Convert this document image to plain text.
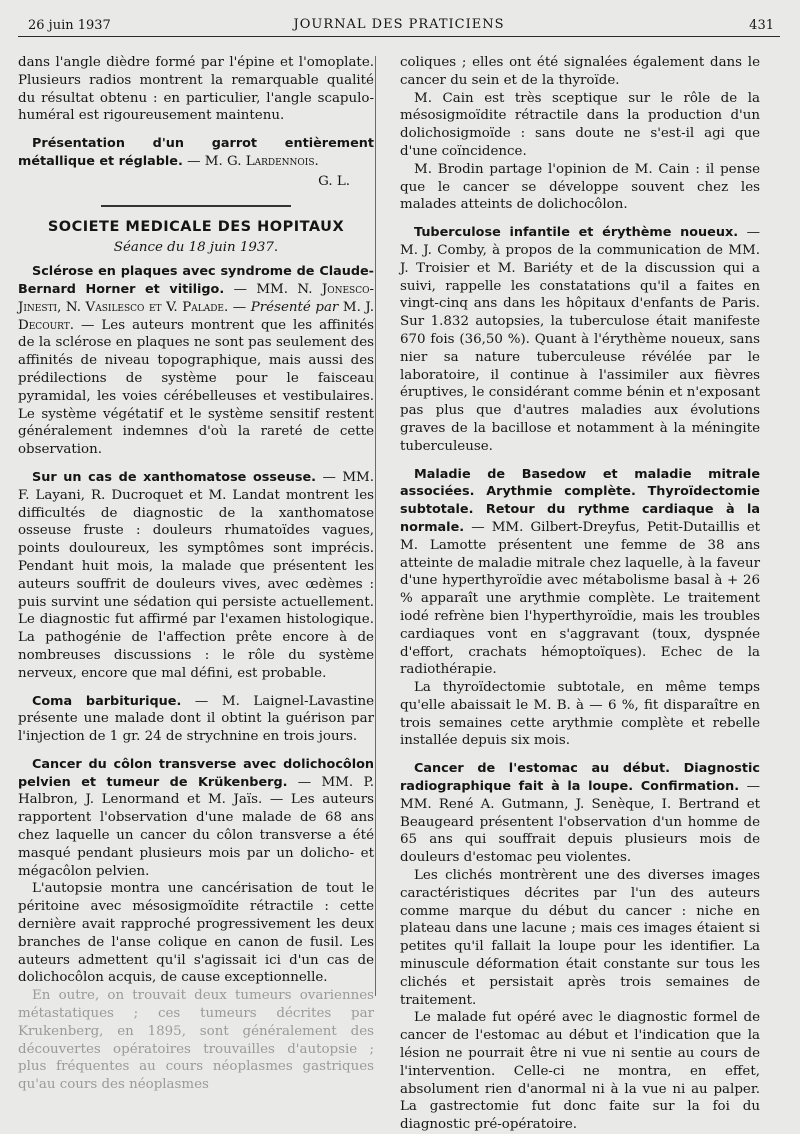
26 juin 1937	JOURNAL DES PRATICIENS	431

dans l'angle dièdre formé par l'épine et l'omoplate. Plusieurs radios montrent la remarquable qualité du résultat obtenu : en particulier, l'angle scapulo-huméral est rigoureusement maintenu.

Présentation d'un garrot entièrement métallique et réglable. — M. G. Lardennois.

G. L.
SOCIETE MEDICALE DES HOPITAUX
Séance du 18 juin 1937.

Sclérose en plaques avec syndrome de Claude-Bernard Horner et vitiligo. — MM. N. Jonesco-Jinesti, N. Vasilesco et V. Palade. — Présenté par M. J. Decourt. — Les auteurs montrent que les affinités de la sclérose en plaques ne sont pas seulement des affinités de niveau topographique, mais aussi des prédilections de système pour le faisceau pyramidal, les voies cérébelleuses et vestibulaires. Le système végétatif et le système sensitif restent généralement indemnes d'où la rareté de cette observation.

Sur un cas de xanthomatose osseuse. — MM. F. Layani, R. Ducroquet et M. Landat montrent les difficultés de diagnostic de la xanthomatose osseuse fruste : douleurs rhumatoïdes vagues, points douloureux, les symptômes sont imprécis. Pendant huit mois, la malade que présentent les auteurs souffrit de douleurs vives, avec œdèmes : puis survint une sédation qui persiste actuellement. Le diagnostic fut affirmé par l'examen histologique. La pathogénie de l'affection prête encore à de nombreuses discussions : le rôle du système nerveux, encore que mal défini, est probable.

Coma barbiturique. — M. Laignel-Lavastine présente une malade dont il obtint la guérison par l'injection de 1 gr. 24 de strychnine en trois jours.

Cancer du côlon transverse avec dolichocôlon pelvien et tumeur de Krükenberg. — MM. P. Halbron, J. Lenormand et M. Jaïs. — Les auteurs rapportent l'observation d'une malade de 68 ans chez laquelle un cancer du côlon transverse a été masqué pendant plusieurs mois par un dolicho- et mégacôlon pelvien.

L'autopsie montra une cancérisation de tout le péritoine avec mésosigmoïdite rétractile : cette dernière avait rapproché progressivement les deux branches de l'anse colique en canon de fusil. Les auteurs admettent qu'il s'agissait ici d'un cas de dolichocôlon acquis, de cause exceptionnelle.

En outre, on trouvait deux tumeurs ovariennes métastatiques ; ces tumeurs décrites par Krukenberg, en 1895, sont généralement des découvertes opératoires trouvailles d'autopsie ; plus fréquentes au cours néoplasmes gastriques qu'au cours des néoplasmes

coliques ; elles ont été signalées également dans le cancer du sein et de la thyroïde.

M. Cain est très sceptique sur le rôle de la mésosigmoïdite rétractile dans la production d'un dolichosigmoïde : sans doute ne s'est-il agi que d'une coïncidence.

M. Brodin partage l'opinion de M. Cain : il pense que le cancer se développe souvent chez les malades atteints de dolichocôlon.

Tuberculose infantile et érythème noueux. — M. J. Comby, à propos de la communication de MM. J. Troisier et M. Bariéty et de la discussion qui a suivi, rappelle les constatations qu'il a faites en vingt-cinq ans dans les hôpitaux d'enfants de Paris. Sur 1.832 autopsies, la tuberculose était manifeste 670 fois (36,50 %). Quant à l'érythème noueux, sans nier sa nature tuberculeuse révélée par le laboratoire, il continue à l'assimiler aux fièvres éruptives, le considérant comme bénin et n'exposant pas plus que d'autres maladies aux évolutions graves de la bacillose et notamment à la méningite tuberculeuse.

Maladie de Basedow et maladie mitrale associées. Arythmie complète. Thyroïdectomie subtotale. Retour du rythme cardiaque à la normale. — MM. Gilbert-Dreyfus, Petit-Dutaillis et M. Lamotte présentent une femme de 38 ans atteinte de maladie mitrale chez laquelle, à la faveur d'une hyperthyroïdie avec métabolisme basal à + 26 % apparaît une arythmie complète. Le traitement iodé refrène bien l'hyperthyroïdie, mais les troubles cardiaques vont en s'aggravant (toux, dyspnée d'effort, crachats hémoptoïques). Echec de la radiothérapie.

La thyroïdectomie subtotale, en même temps qu'elle abaissait le M. B. à — 6 %, fit disparaître en trois semaines cette arythmie complète et rebelle installée depuis six mois.

Cancer de l'estomac au début. Diagnostic radiographique fait à la loupe. Confirmation. — MM. René A. Gutmann, J. Senèque, I. Bertrand et Beaugeard présentent l'observation d'un homme de 65 ans qui souffrait depuis plusieurs mois de douleurs d'estomac peu violentes.

Les clichés montrèrent une des diverses images caractéristiques décrites par l'un des auteurs comme marque du début du cancer : niche en plateau dans une lacune ; mais ces images étaient si petites qu'il fallait la loupe pour les identifier. La minuscule déformation était constante sur tous les clichés et persistait après trois semaines de traitement.

Le malade fut opéré avec le diagnostic formel de cancer de l'estomac au début et l'indication que la lésion ne pourrait être ni vue ni sentie au cours de l'intervention. Celle-ci ne montra, en effet, absolument rien d'anormal ni à la vue ni au palper. La gastrectomie fut donc faite sur la foi du diagnostic pré-opératoire.
